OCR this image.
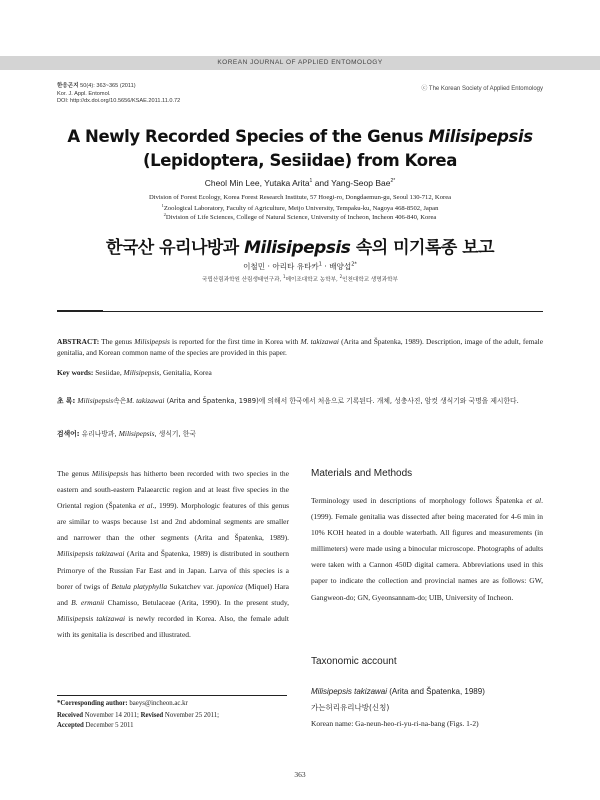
KOREAN JOURNAL OF APPLIED ENTOMOLOGY
한응곤지 50(4): 363~365 (2011)
Kor. J. Appl. Entomol.
DOI: http://dx.doi.org/10.5656/KSAE.2011.11.0.72
ⓒ The Korean Society of Applied Entomology
A Newly Recorded Species of the Genus Milisipepsis
(Lepidoptera, Sesiidae) from Korea
Cheol Min Lee, Yutaka Arita$^1$ and Yang-Seop Bae$^{2*}$
Division of Forest Ecology, Korea Forest Research Institute, 57 Hoegi-ro, Dongdaemun-gu, Seoul 130-712, Korea
$^1$Zoological Laboratory, Faculty of Agriculture, Meijo University, Tempaku-ku, Nagoya 468-8502, Japan
$^2$Division of Life Sciences, College of Natural Science, University of Incheon, Incheon 406-840, Korea
한국산 유리나방과 Milisipepsis 속의 미기록종 보고
이철민 · 아리타 유타카$^1$ · 배양섭$^{2*}$
국립산림과학원 산림생태연구과, $^1$메이조대학교 농학부, $^2$인천대학교 생명과학부
ABSTRACT: The genus Milisipepsis is reported for the first time in Korea with M. takizawai (Arita and Špatenka, 1989). Description, image of the adult, female genitalia, and Korean common name of the species are provided in this paper.
Key words: Sesiidae, Milisipepsis, Genitalia, Korea
초 록: Milisipepsis속은M. takizawai (Arita and Špatenka, 1989)에 의해서 한국에서 처음으로 기록된다. 개체, 성충사진, 암컷 생식기와 국명을 제시한다.
검색어: 유리나방과, Milisipepsis, 생식기, 한국
The genus Milisipepsis has hitherto been recorded with two species in the eastern and south-eastern Palaearctic region and at least five species in the Oriental region (Špatenka et al., 1999). Morphologic features of this genus are similar to wasps because 1st and 2nd abdominal segments are smaller and narrower than the other segments (Arita and Špatenka, 1989). Milisipepsis takizawai (Arita and Špatenka, 1989) is distributed in southern Primorye of the Russian Far East and in Japan. Larva of this species is a borer of twigs of Betula platyphylla Sukatchev var. japonica (Miquel) Hara and B. ermanii Chamisso, Betulaceae (Arita, 1990). In the present study, Milisipepsis takizawai is newly recorded in Korea. Also, the female adult with its genitalia is described and illustrated.
Materials and Methods
Terminology used in descriptions of morphology follows Špatenka et al. (1999). Female genitalia was dissected after being macerated for 4-6 min in 10% KOH heated in a double waterbath. All figures and measurements (in millimeters) were made using a binocular microscope. Photographs of adults were taken with a Cannon 450D digital camera. Abbreviations used in this paper to indicate the collection and provincial names are as follows: GW, Gangweon-do; GN, Gyeonsannam-do; UIB, University of Incheon.
Taxonomic account
Milisipepsis takizawai (Arita and Špatenka, 1989)
가는허리유리나방(신칭)
Korean name: Ga-neun-heo-ri-yu-ri-na-bang (Figs. 1-2)
*Corresponding author: baeys@incheon.ac.kr
Received November 14 2011; Revised November 25 2011;
Accepted December 5 2011
363
